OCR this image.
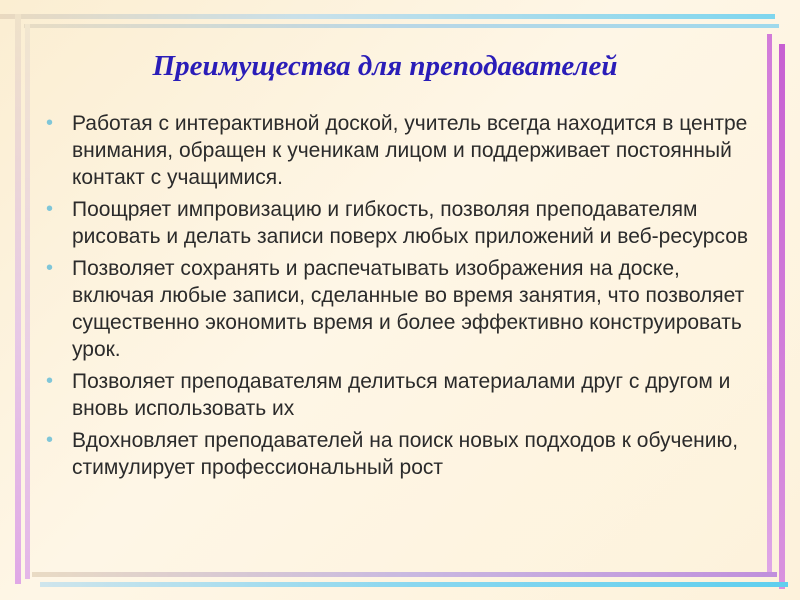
Преимущества для преподавателей
• Работая с интерактивной доской, учитель всегда находится в центре внимания, обращен к ученикам лицом и поддерживает постоянный контакт с учащимися.
• Поощряет импровизацию и гибкость, позволяя преподавателям рисовать и делать записи поверх любых приложений и веб-ресурсов
• Позволяет сохранять и распечатывать изображения на доске, включая любые записи, сделанные во время занятия, что позволяет существенно экономить время и более эффективно конструировать урок.
• Позволяет преподавателям делиться материалами друг с другом и вновь использовать их
• Вдохновляет преподавателей на поиск новых подходов к обучению, стимулирует профессиональный рост
